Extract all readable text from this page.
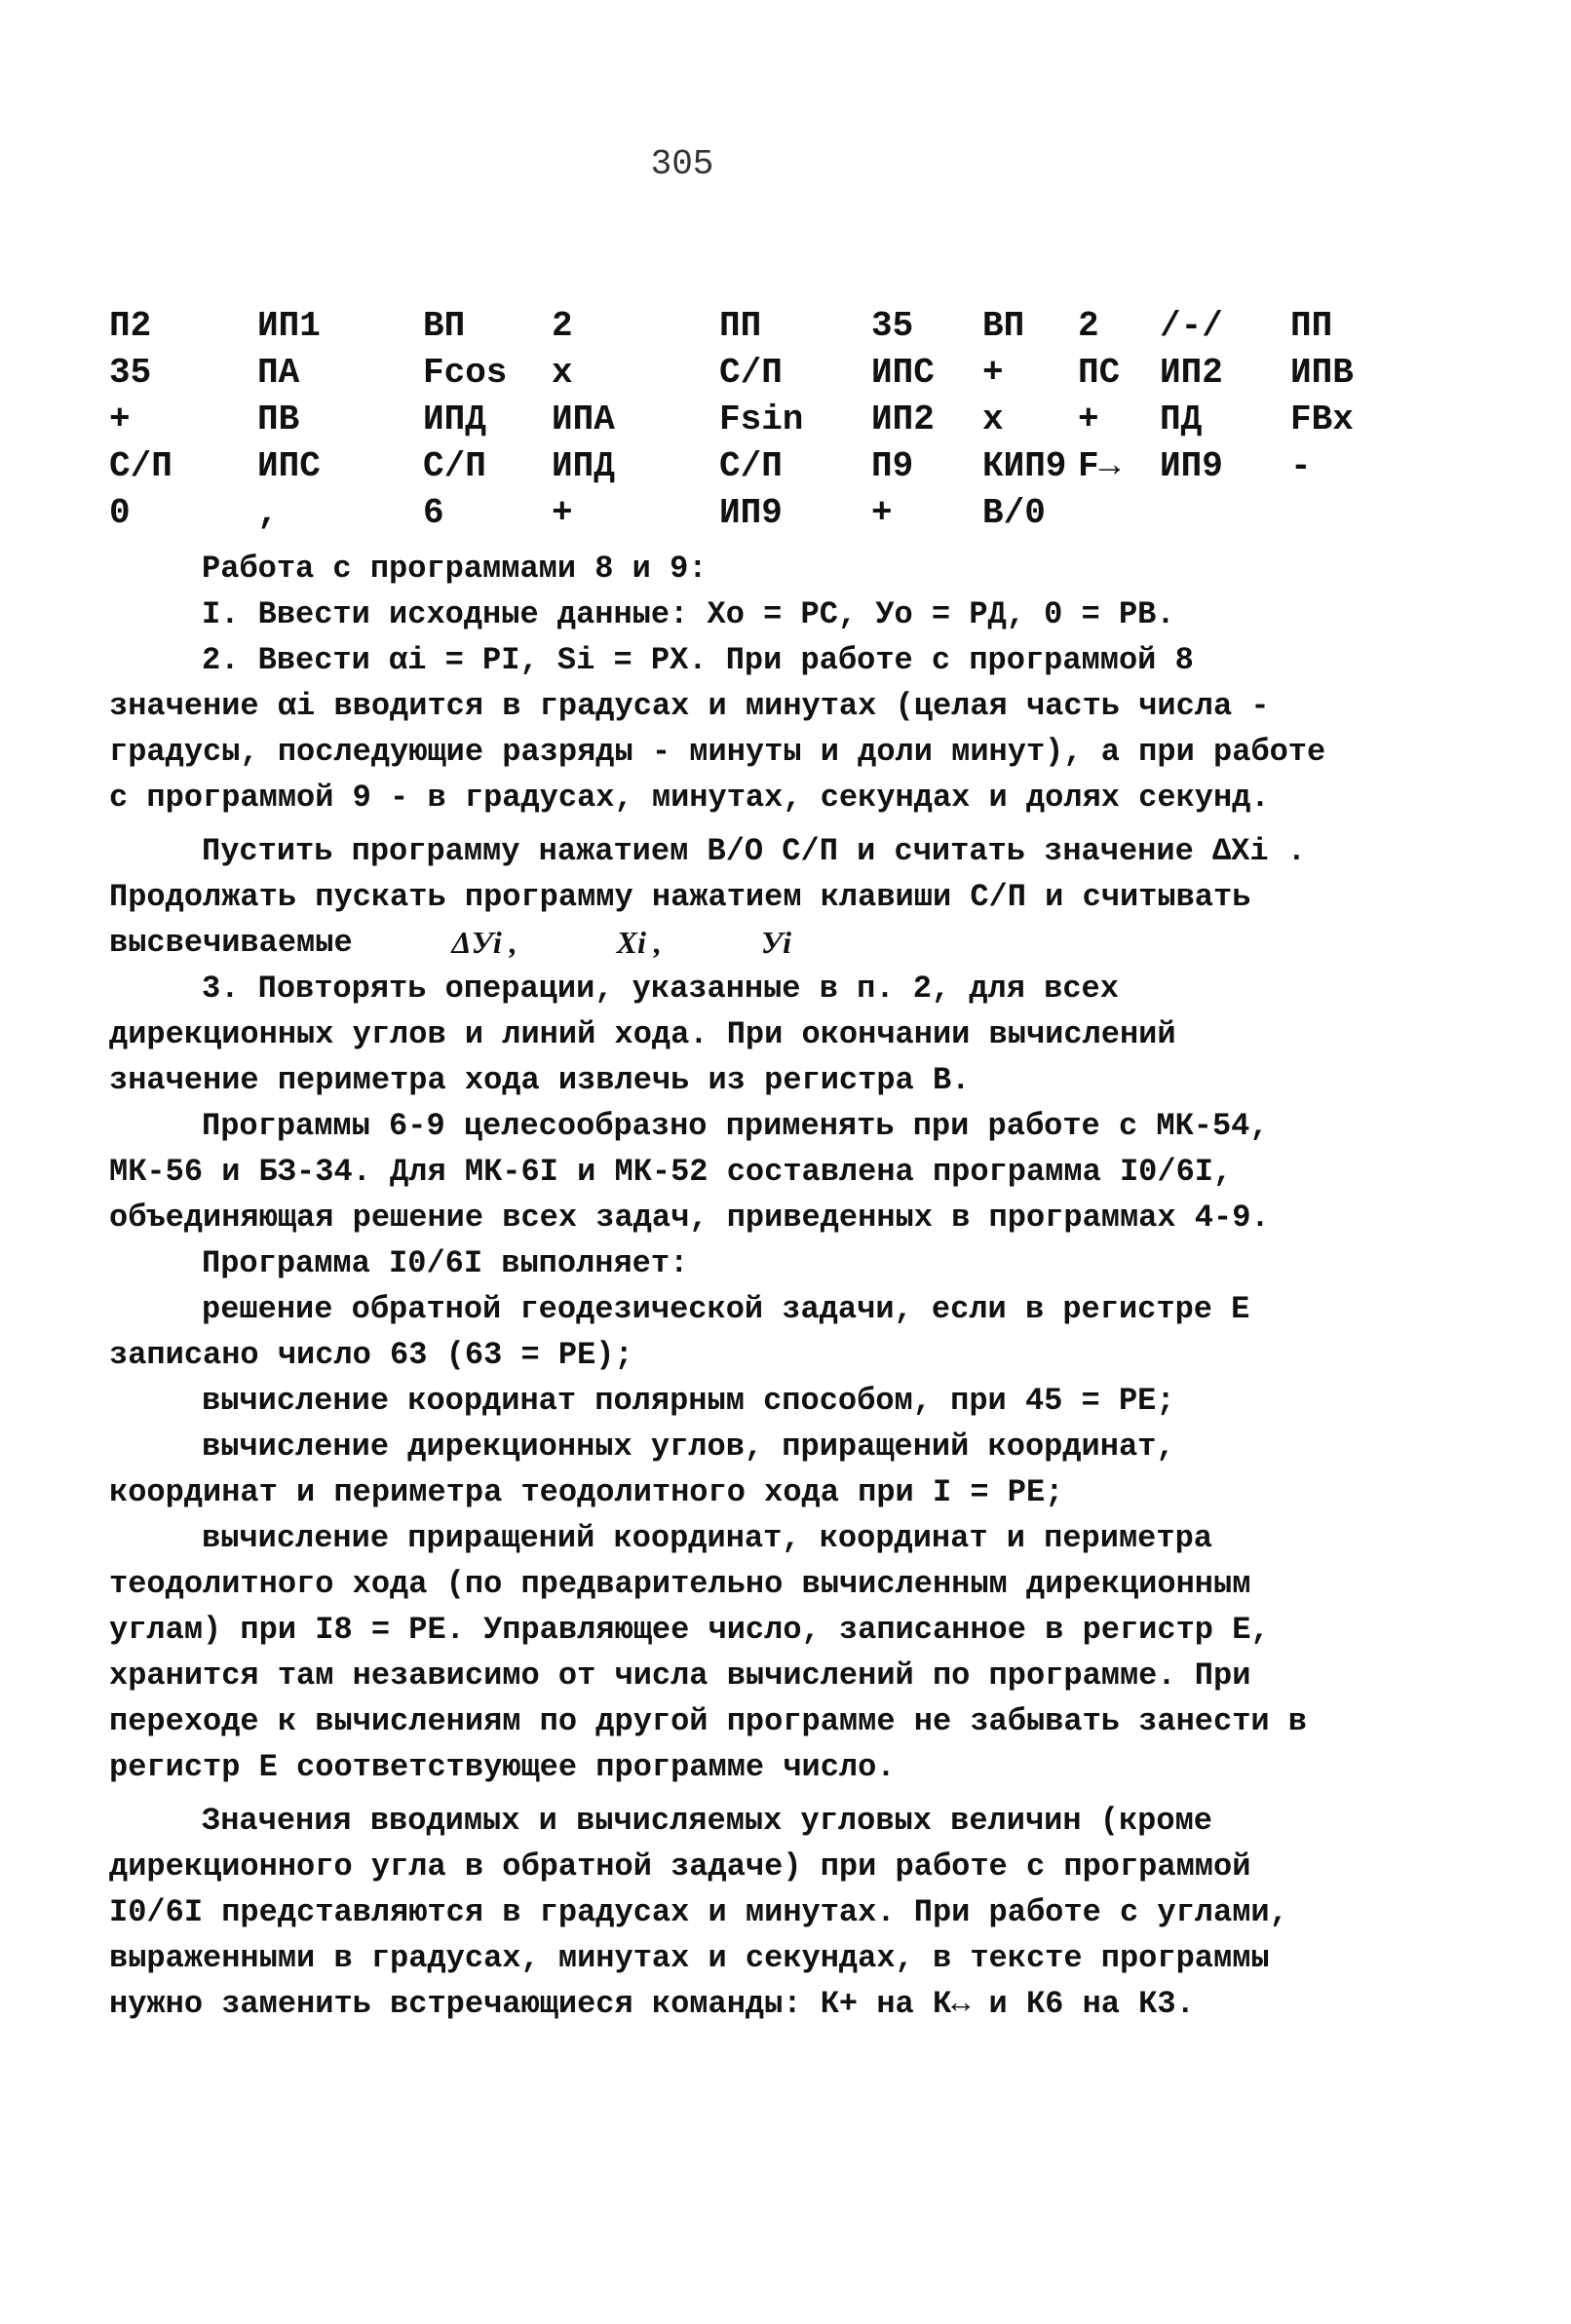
305
П2	ИП1	ВП	2	ПП	35	ВП	2	/-/	ПП
35	ПА	Fcos	x	С/П	ИПС	+	ПС	ИП2	ИПВ
+	ПВ	ИПД	ИПА	Fsin	ИП2	x	+	ПД	FBx
С/П	ИПС	С/П	ИПД	С/П	П9	КИП9	F→	ИП9	-
0	,	6	+	ИП9	+	В/0			

Работа с программами 8 и 9:

I. Ввести исходные данные: Xо = РС, Уо = РД, 0 = РВ.

2. Ввести αi = PI, Si = РХ. При работе с программой 8 значение αi вводится в градусах и минутах (целая часть числа - градусы, последующие разряды - минуты и доли минут), а при работе с программой 9 - в градусах, минутах, секундах и долях секунд.

Пустить программу нажатием В/О С/П и считать значение ΔXi .

Продолжать пускать программу нажатием клавиши С/П и считывать

высвечиваемые	ΔУi ,	Xi ,	Уi

3. Повторять операции, указанные в п. 2, для всех дирекционных углов и линий хода. При окончании вычислений значение периметра хода извлечь из регистра В.

Программы 6-9 целесообразно применять при работе с МК-54, МК-56 и БЗ-34. Для МК-6I и МК-52 составлена программа I0/6I, объединяющая решение всех задач, приведенных в программах 4-9.

Программа I0/6I выполняет:

решение обратной геодезической задачи, если в регистре Е записано число 63 (63 = РЕ);

вычисление координат полярным способом, при 45 = РЕ;

вычисление дирекционных углов, приращений координат, координат и периметра теодолитного хода при I = РЕ;

вычисление приращений координат, координат и периметра теодолитного хода (по предварительно вычисленным дирекционным углам) при I8 = РЕ. Управляющее число, записанное в регистр Е, хранится там независимо от числа вычислений по программе. При переходе к вычислениям по другой программе не забывать занести в регистр Е соответствующее программе число.

Значения вводимых и вычисляемых угловых величин (кроме дирекционного угла в обратной задаче) при работе с программой I0/6I представляются в градусах и минутах. При работе с углами, выраженными в градусах, минутах и секундах, в тексте программы нужно заменить встречающиеся команды: К+ на К↔ и К6 на К3.
